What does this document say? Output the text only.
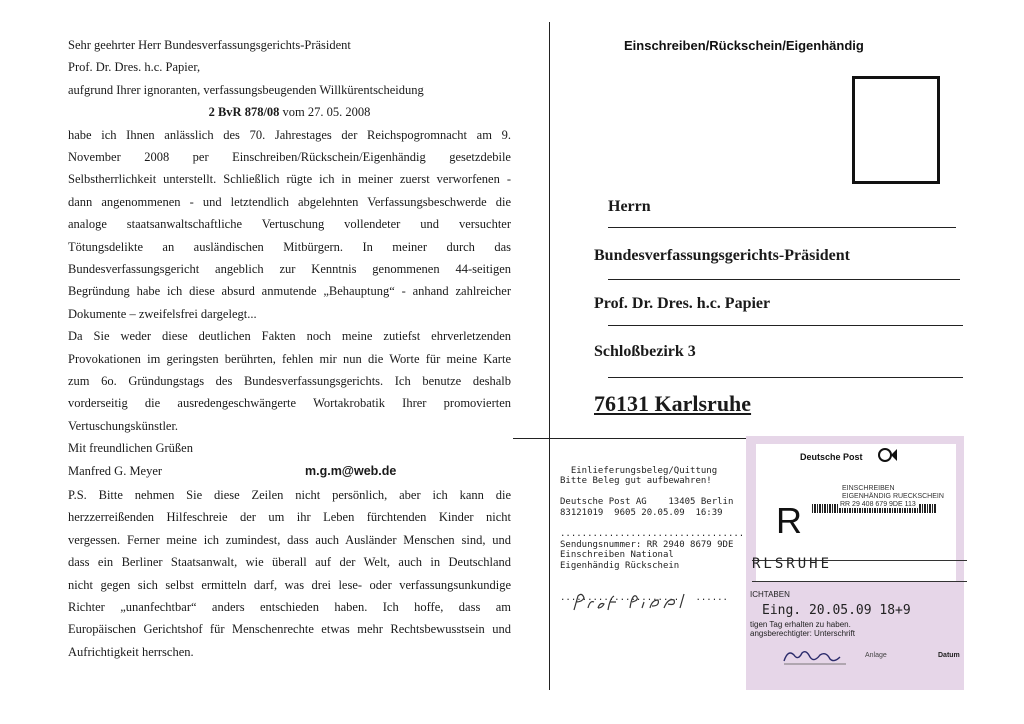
Sehr geehrter Herr Bundesverfassungsgerichts-Präsident
Prof. Dr. Dres. h.c. Papier,
aufgrund Ihrer ignoranten, verfassungsbeugenden Willkürentscheidung
2 BvR 878/08 vom 27. 05. 2008
habe ich Ihnen anlässlich des 70. Jahrestages der Reichspogromnacht am 9.
November 2008 per Einschreiben/Rückschein/Eigenhändig gesetzdebile
Selbstherrlichkeit unterstellt. Schließlich rügte ich in meiner zuerst verworfenen -
dann angenommenen - und letztendlich abgelehnten Verfassungsbeschwerde die
analoge staatsanwaltschaftliche Vertuschung vollendeter und versuchter
Tötungsdelikte an ausländischen Mitbürgern. In meiner durch das
Bundesverfassungsgericht angeblich zur Kenntnis genommenen 44-seitigen
Begründung habe ich diese absurd anmutende „Behauptung“ - anhand zahlreicher
Dokumente – zweifelsfrei dargelegt...
Da Sie weder diese deutlichen Fakten noch meine zutiefst ehrverletzenden
Provokationen im geringsten berührten, fehlen mir nun die Worte für meine Karte
zum 6o. Gründungstags des Bundesverfassungsgerichts. Ich benutze deshalb
vorderseitig die ausredengeschwängerte Wortakrobatik Ihrer promovierten
Vertuschungskünstler.
Mit freundlichen Grüßen
Manfred G. Meyer	m.g.m@web.de
P.S. Bitte nehmen Sie diese Zeilen nicht persönlich, aber ich kann die
herzzerreißenden Hilfeschreie der um ihr Leben fürchtenden Kinder nicht
vergessen. Ferner meine ich zumindest, dass auch Ausländer Menschen sind, und
dass ein Berliner Staatsanwalt, wie überall auf der Welt, auch in Deutschland
nicht gegen sich selbst ermitteln darf, was drei lese- oder verfassungsunkundige
Richter „unanfechtbar“ anders entschieden haben. Ich hoffe, dass am
Europäischen Gerichtshof für Menschenrechte etwas mehr Rechtsbewusstsein und
Aufrichtigkeit herrschen.
Einschreiben/Rückschein/Eigenhändig
Herrn
Bundesverfassungsgerichts-Präsident
Prof. Dr. Dres. h.c. Papier
Schloßbezirk 3
76131 Karlsruhe

Einlieferungsbeleg/Quittung
Bitte Beleg gut aufbewahren!

Deutsche Post AG    13405 Berlin
83121019  9605 20.05.09  16:39

..................................
Sendungsnummer: RR 2940 8679 9DE
Einschreiben National
Eigenhändig Rückschein

......................   ......

Deutsche Post
EINSCHREIBEN
EIGENHÄNDIG RUECKSCHEIN
RR 29 408 679 9DE 113
R
RLSRUHE
ICHTABEN
Eing. 20.05.09 18+9
tigen Tag erhalten zu haben.
angsberechtigter: Unterschrift
Anlage	Datum
